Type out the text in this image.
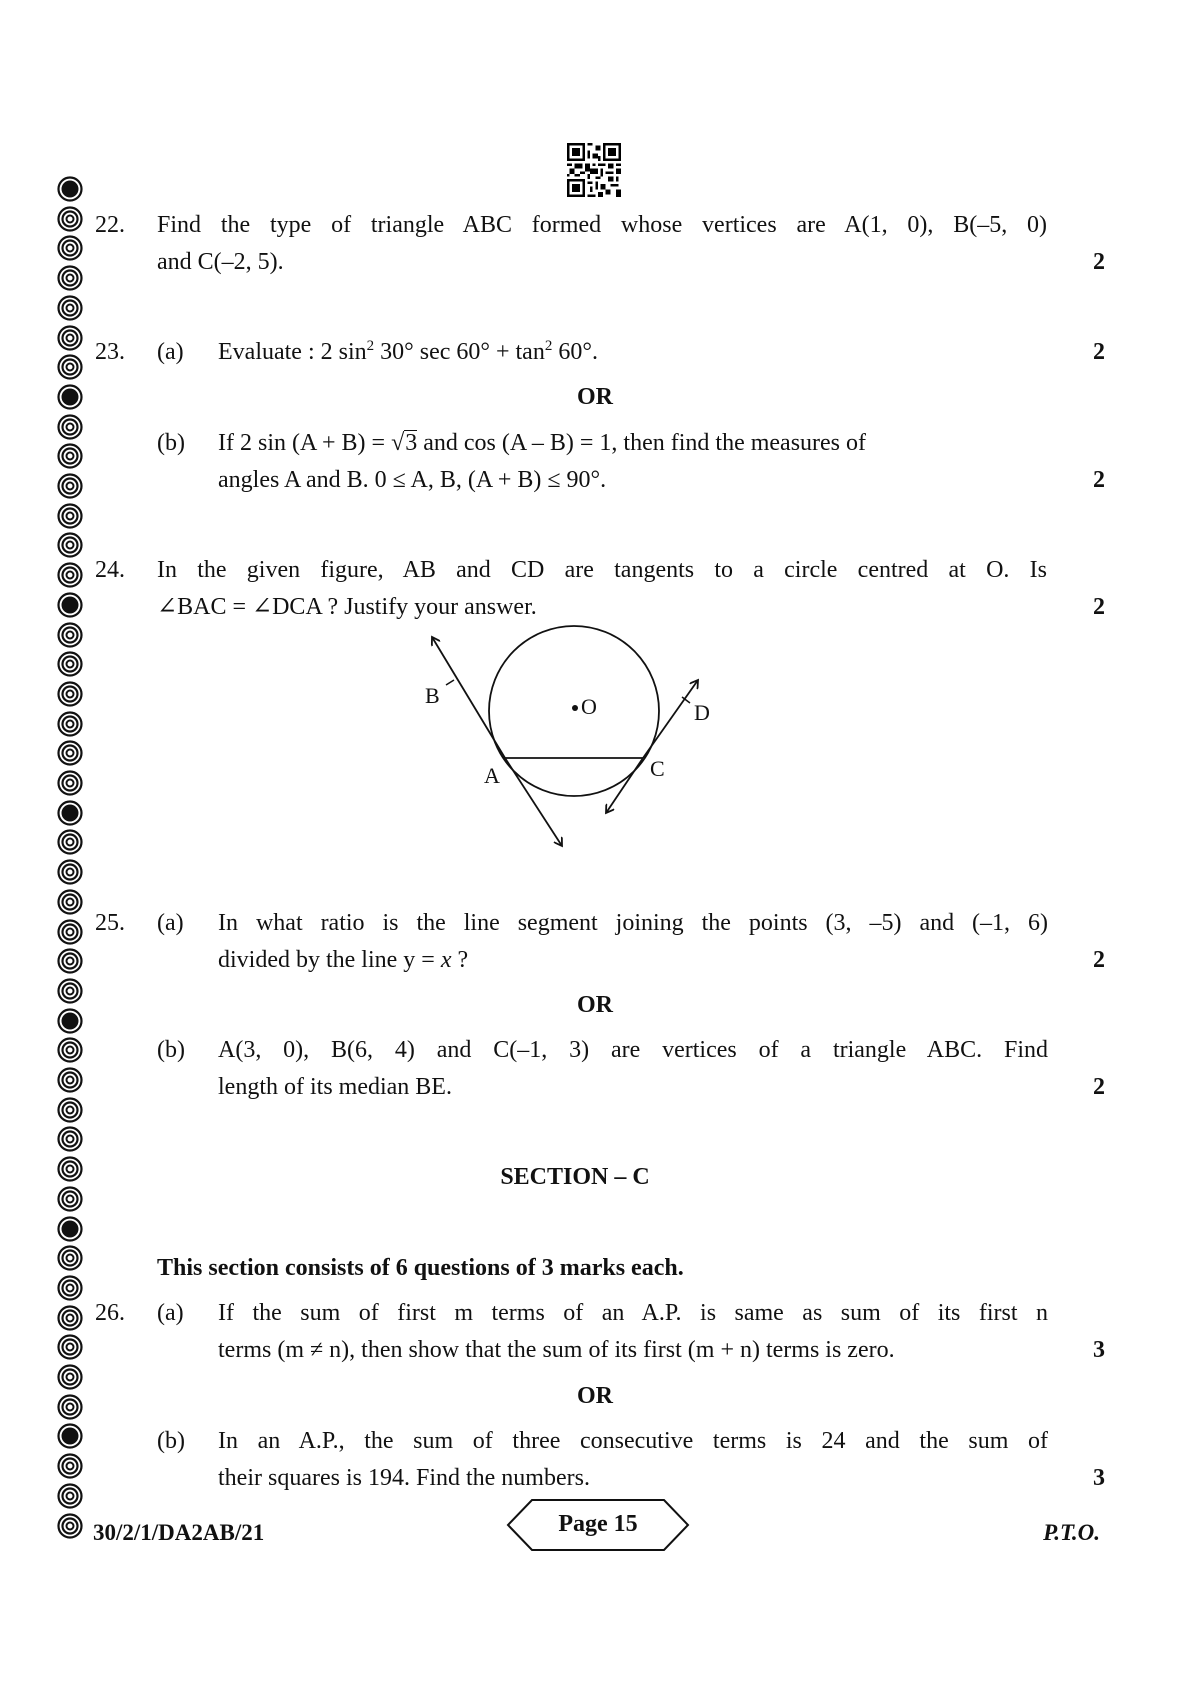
22. Find the type of triangle ABC formed whose vertices are A(1, 0), B(–5, 0)
and C(–2, 5).	2
23. (a) Evaluate : 2 $\sin^2 30^\circ$ $\sec 60^\circ + \tan^2 60^\circ$.	2
OR
(b) If 2 sin (A + B) = √3 and cos (A – B) = 1, then find the measures of
angles A and B. 0 ≤ A, B, (A + B) ≤ 90°.	2
24. In the given figure, AB and CD are tangents to a circle centred at O. Is
∠BAC = ∠DCA ? Justify your answer.	2
B	O	D
A	C
25. (a) In what ratio is the line segment joining the points (3, –5) and (–1, 6)
divided by the line y = x ?	2
OR
(b) A(3, 0), B(6, 4) and C(–1, 3) are vertices of a triangle ABC. Find
length of its median BE.	2
SECTION – C
This section consists of 6 questions of 3 marks each.
26. (a) If the sum of first m terms of an A.P. is same as sum of its first n
terms (m ≠ n), then show that the sum of its first (m + n) terms is zero.	3
OR
(b) In an A.P., the sum of three consecutive terms is 24 and the sum of
their squares is 194. Find the numbers.	3
30/2/1/DA2AB/21	Page 15	P.T.O.
